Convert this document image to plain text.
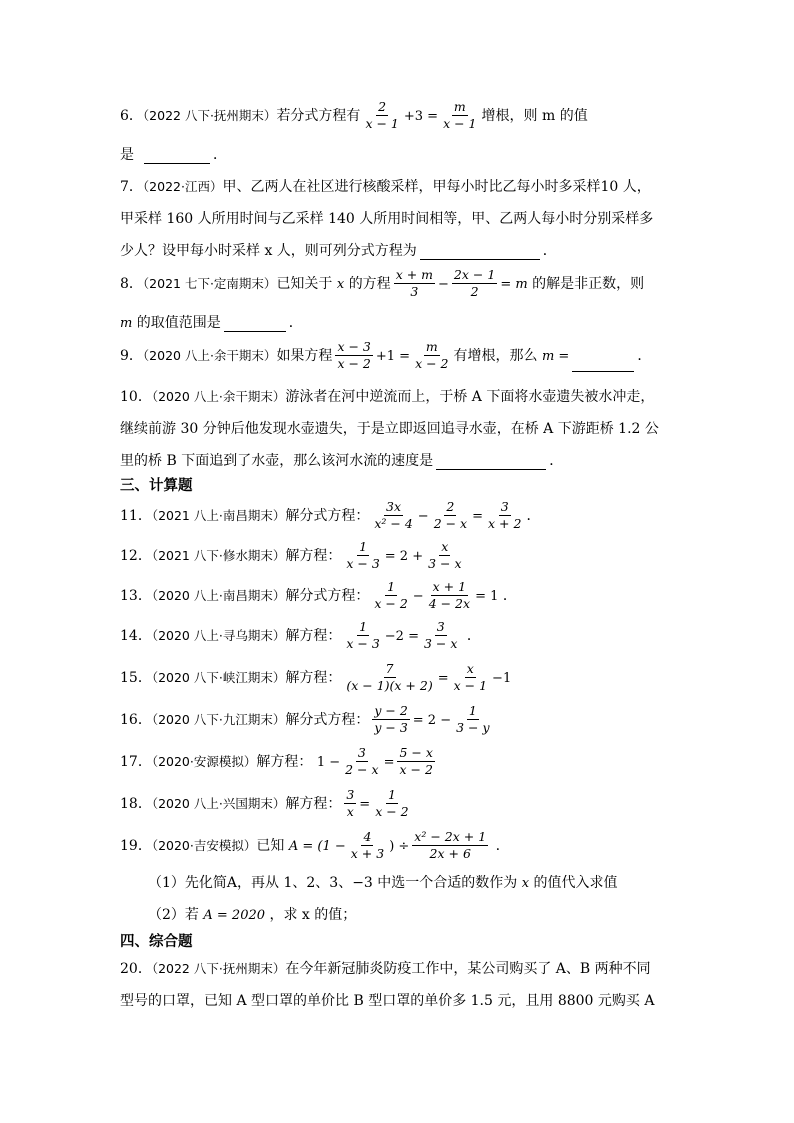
6．（2022 八下·抚州期末）若分式方程有 $\frac{2}{x - 1} +3 = \frac{m}{x - 1}$ 增根，则 m 的值
是	．
7．（2022·江西）甲、乙两人在社区进行核酸采样，甲每小时比乙每小时多采样10 人，
甲采样 160 人所用时间与乙采样 140 人所用时间相等，甲、乙两人每小时分别采样多
少人？设甲每小时采样 x 人，则可列分式方程为	．
8．（2021 七下·定南期末）已知关于 x 的方程 $\frac{x + m}{3} - \frac{2x - 1}{2} = m$ 的解是非正数，则
m 的取值范围是	．
9．（2020 八上·余干期末）如果方程 $\frac{x - 3}{x - 2} +1 = \frac{m}{x - 2}$ 有增根，那么 m =	．
10．（2020 八上·余干期末）游泳者在河中逆流而上，于桥 A 下面将水壶遗失被水冲走，
继续前游 30 分钟后他发现水壶遗失，于是立即返回追寻水壶，在桥 A 下游距桥 1.2 公
里的桥 B 下面追到了水壶，那么该河水流的速度是	．
三、计算题
11．（2021 八上·南昌期末）解分式方程： $\frac{3x}{\text{x² − 4}} - \frac{2}{2 - x} = \frac{3}{x + 2}$ ．
12．（2021 八下·修水期末）解方程： $\frac{1}{x - 3} = 2 + \frac{x}{3 - x}$
13．（2020 八上·南昌期末）解分式方程： $\frac{1}{x - 2} - \frac{x + 1}{4 - 2x} = 1$ ．
14．（2020 八上·寻乌期末）解方程： $\frac{1}{x - 3} -2 = \frac{3}{3 - x}$ ．
15．（2020 八下·峡江期末）解方程： $\frac{7}{(x - 1)(x + 2)} = \frac{x}{x - 1} -1$
16．（2020 八下·九江期末）解分式方程： $\frac{y - 2}{y - 3} = 2 - \frac{1}{3 - y}$
17．（2020·安源模拟）解方程： $1 - \frac{3}{2 - x} = \frac{5 - x}{x - 2}$
18．（2020 八上·兴国期末）解方程： $\frac{3}{x} = \frac{1}{x - 2}$
19．（2020·吉安模拟）已知 $A = (1 - \frac{4}{x + 3}$ ) ÷ $\frac{\text{x² − 2x + 1}}{2x + 6}$ .
（1）先化简A，再从 1、2、3、−3 中选一个合适的数作为 x 的值代入求值
（2）若 A = 2020 ，求 x 的值；
四、综合题
20．（2022 八下·抚州期末）在今年新冠肺炎防疫工作中，某公司购买了 A、B 两种不同
型号的口罩，已知 A 型口罩的单价比 B 型口罩的单价多 1.5 元，且用 8800 元购买 A
